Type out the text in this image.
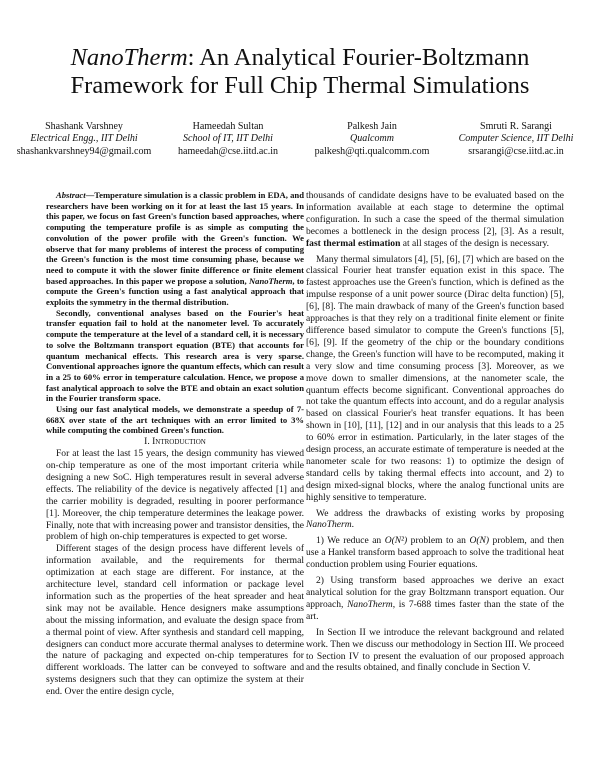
NanoTherm: An Analytical Fourier-Boltzmann Framework for Full Chip Thermal Simulations
Shashank Varshney
Electrical Engg., IIT Delhi
shashankvarshney94@gmail.com
Hameedah Sultan
School of IT, IIT Delhi
hameedah@cse.iitd.ac.in
Palkesh Jain
Qualcomm
palkesh@qti.qualcomm.com
Smruti R. Sarangi
Computer Science, IIT Delhi
srsarangi@cse.iitd.ac.in

Abstract—Temperature simulation is a classic problem in EDA, and researchers have been working on it for at least the last 15 years. In this paper, we focus on fast Green's function based approaches, where computing the temperature profile is as simple as computing the convolution of the power profile with the Green's function. We observe that for many problems of interest the process of computing the Green's function is the most time consuming phase, because we need to compute it with the slower finite difference or finite element based approaches. In this paper we propose a solution, NanoTherm, to compute the Green's function using a fast analytical approach that exploits the symmetry in the thermal distribution.

Secondly, conventional analyses based on the Fourier's heat transfer equation fail to hold at the nanometer level. To accurately compute the temperature at the level of a standard cell, it is necessary to solve the Boltzmann transport equation (BTE) that accounts for quantum mechanical effects. This research area is very sparse. Conventional approaches ignore the quantum effects, which can result in a 25 to 60% error in temperature calculation. Hence, we propose a fast analytical approach to solve the BTE and obtain an exact solution in the Fourier transform space.

Using our fast analytical models, we demonstrate a speedup of 7-668X over state of the art techniques with an error limited to 3% while computing the combined Green's function.

I. Introduction

For at least the last 15 years, the design community has viewed on-chip temperature as one of the most important criteria while designing a new SoC. High temperatures result in several adverse effects. The reliability of the device is negatively affected [1] and the carrier mobility is degraded, resulting in poorer performance [1]. Moreover, the chip temperature determines the leakage power. Finally, note that with increasing power and transistor densities, the problem of high on-chip temperatures is expected to get worse.

Different stages of the design process have different levels of information available, and the requirements for thermal optimization at each stage are different. For instance, at the architecture level, standard cell information or package level information such as the properties of the heat spreader and heat sink may not be available. Hence designers make assumptions about the missing information, and evaluate the design space from a thermal point of view. After synthesis and standard cell mapping, designers can conduct more accurate thermal analyses to determine the nature of packaging and expected on-chip temperatures for different workloads. The latter can be conveyed to software and systems designers such that they can optimize the system at their end. Over the entire design cycle,

thousands of candidate designs have to be evaluated based on the information available at each stage to determine the optimal configuration. In such a case the speed of the thermal simulation becomes a bottleneck in the design process [2], [3]. As a result, fast thermal estimation at all stages of the design is necessary.

Many thermal simulators [4], [5], [6], [7] which are based on the classical Fourier heat transfer equation exist in this space. The fastest approaches use the Green's function, which is defined as the impulse response of a unit power source (Dirac delta function) [5], [6], [8]. The main drawback of many of the Green's function based approaches is that they rely on a traditional finite element or finite difference based simulator to compute the Green's functions [5], [6], [9]. If the geometry of the chip or the boundary conditions change, the Green's function will have to be recomputed, making it a very slow and time consuming process [3]. Moreover, as we move down to smaller dimensions, at the nanometer scale, the quantum effects become significant. Conventional approaches do not take the quantum effects into account, and do a regular analysis based on classical Fourier's heat transfer equations. It has been shown in [10], [11], [12] and in our analysis that this leads to a 25 to 60% error in estimation. Particularly, in the later stages of the design process, an accurate estimate of temperature is needed at the nanometer scale for two reasons: 1) to optimize the design of standard cells by taking thermal effects into account, and 2) to design mixed-signal blocks, where the analog functional units are highly sensitive to temperature.

We address the drawbacks of existing works by proposing NanoTherm.

1) We reduce an O(N²) problem to an O(N) problem, and then use a Hankel transform based approach to solve the traditional heat conduction problem using Fourier equations.

2) Using transform based approaches we derive an exact analytical solution for the gray Boltzmann transport equation. Our approach, NanoTherm, is 7-688 times faster than the state of the art.

In Section II we introduce the relevant background and related work. Then we discuss our methodology in Section III. We proceed to Section IV to present the evaluation of our proposed approach and the results obtained, and finally conclude in Section V.
